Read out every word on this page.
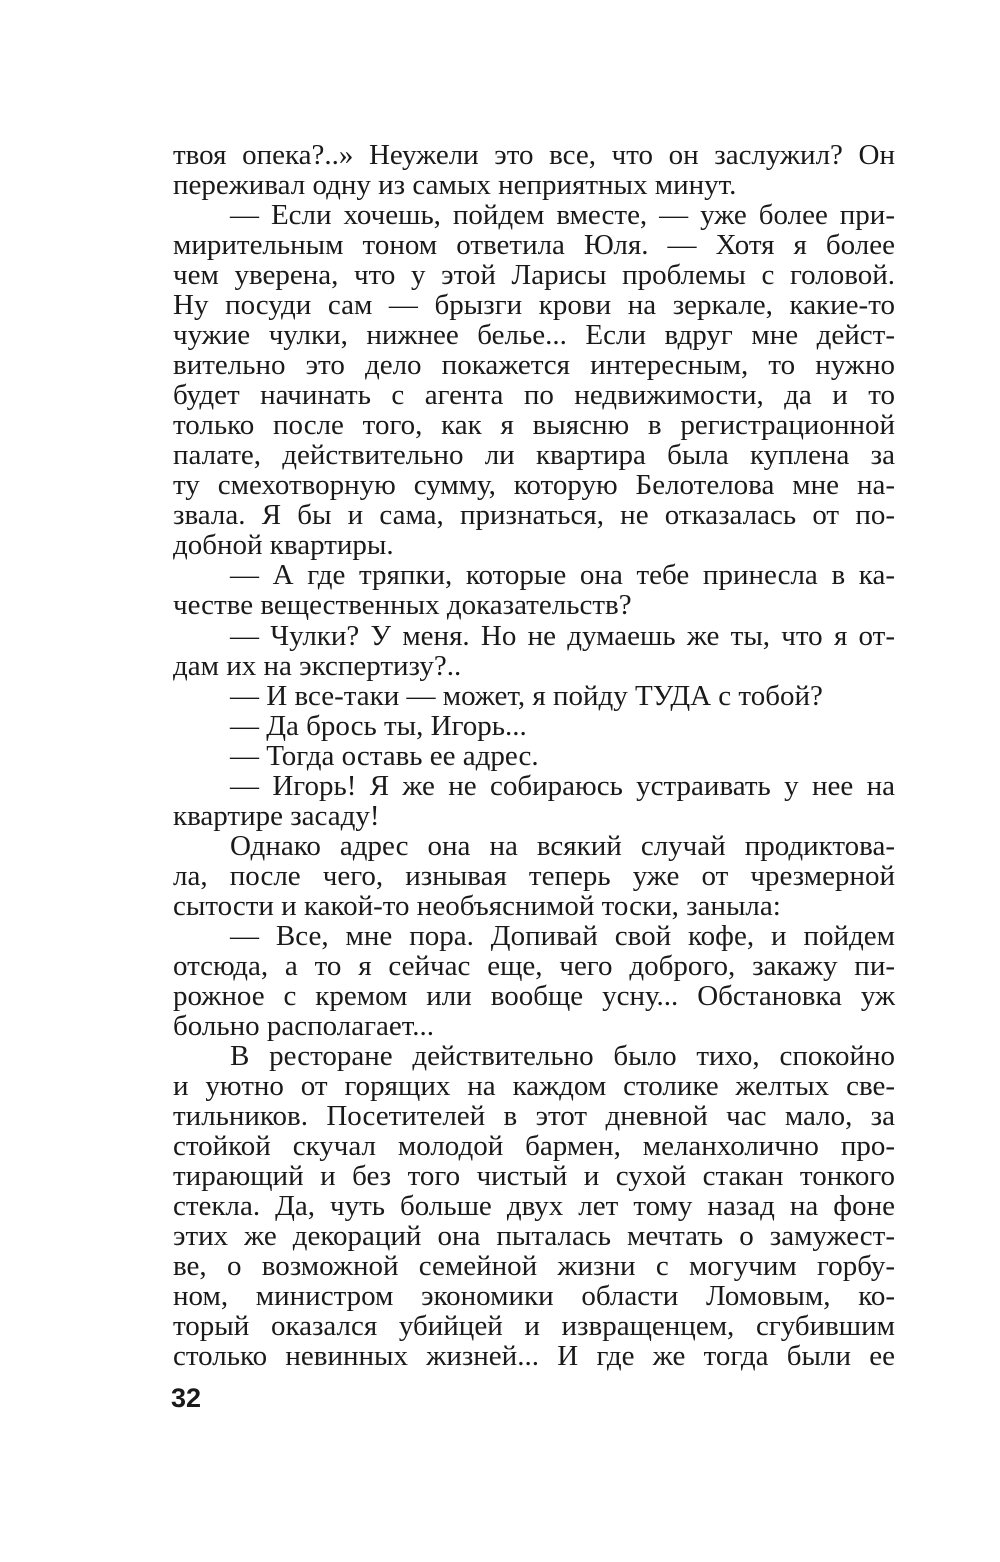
твоя опека?..» Неужели это все, что он заслужил? Он
переживал одну из самых неприятных минут.
— Если хочешь, пойдем вместе, — уже более при-
мирительным тоном ответила Юля. — Хотя я более
чем уверена, что у этой Ларисы проблемы с головой.
Ну посуди сам — брызги крови на зеркале, какие-то
чужие чулки, нижнее белье... Если вдруг мне дейст-
вительно это дело покажется интересным, то нужно
будет начинать с агента по недвижимости, да и то
только после того, как я выясню в регистрационной
палате, действительно ли квартира была куплена за
ту смехотворную сумму, которую Белотелова мне на-
звала. Я бы и сама, признаться, не отказалась от по-
добной квартиры.
— А где тряпки, которые она тебе принесла в ка-
честве вещественных доказательств?
— Чулки? У меня. Но не думаешь же ты, что я от-
дам их на экспертизу?..
— И все-таки — может, я пойду ТУДА с тобой?
— Да брось ты, Игорь...
— Тогда оставь ее адрес.
— Игорь! Я же не собираюсь устраивать у нее на
квартире засаду!
Однако адрес она на всякий случай продиктова-
ла, после чего, изнывая теперь уже от чрезмерной
сытости и какой-то необъяснимой тоски, заныла:
— Все, мне пора. Допивай свой кофе, и пойдем
отсюда, а то я сейчас еще, чего доброго, закажу пи-
рожное с кремом или вообще усну... Обстановка уж
больно располагает...
В ресторане действительно было тихо, спокойно
и уютно от горящих на каждом столике желтых све-
тильников. Посетителей в этот дневной час мало, за
стойкой скучал молодой бармен, меланхолично про-
тирающий и без того чистый и сухой стакан тонкого
стекла. Да, чуть больше двух лет тому назад на фоне
этих же декораций она пыталась мечтать о замужест-
ве, о возможной семейной жизни с могучим горбу-
ном, министром экономики области Ломовым, ко-
торый оказался убийцей и извращенцем, сгубившим
столько невинных жизней... И где же тогда были ее
32
